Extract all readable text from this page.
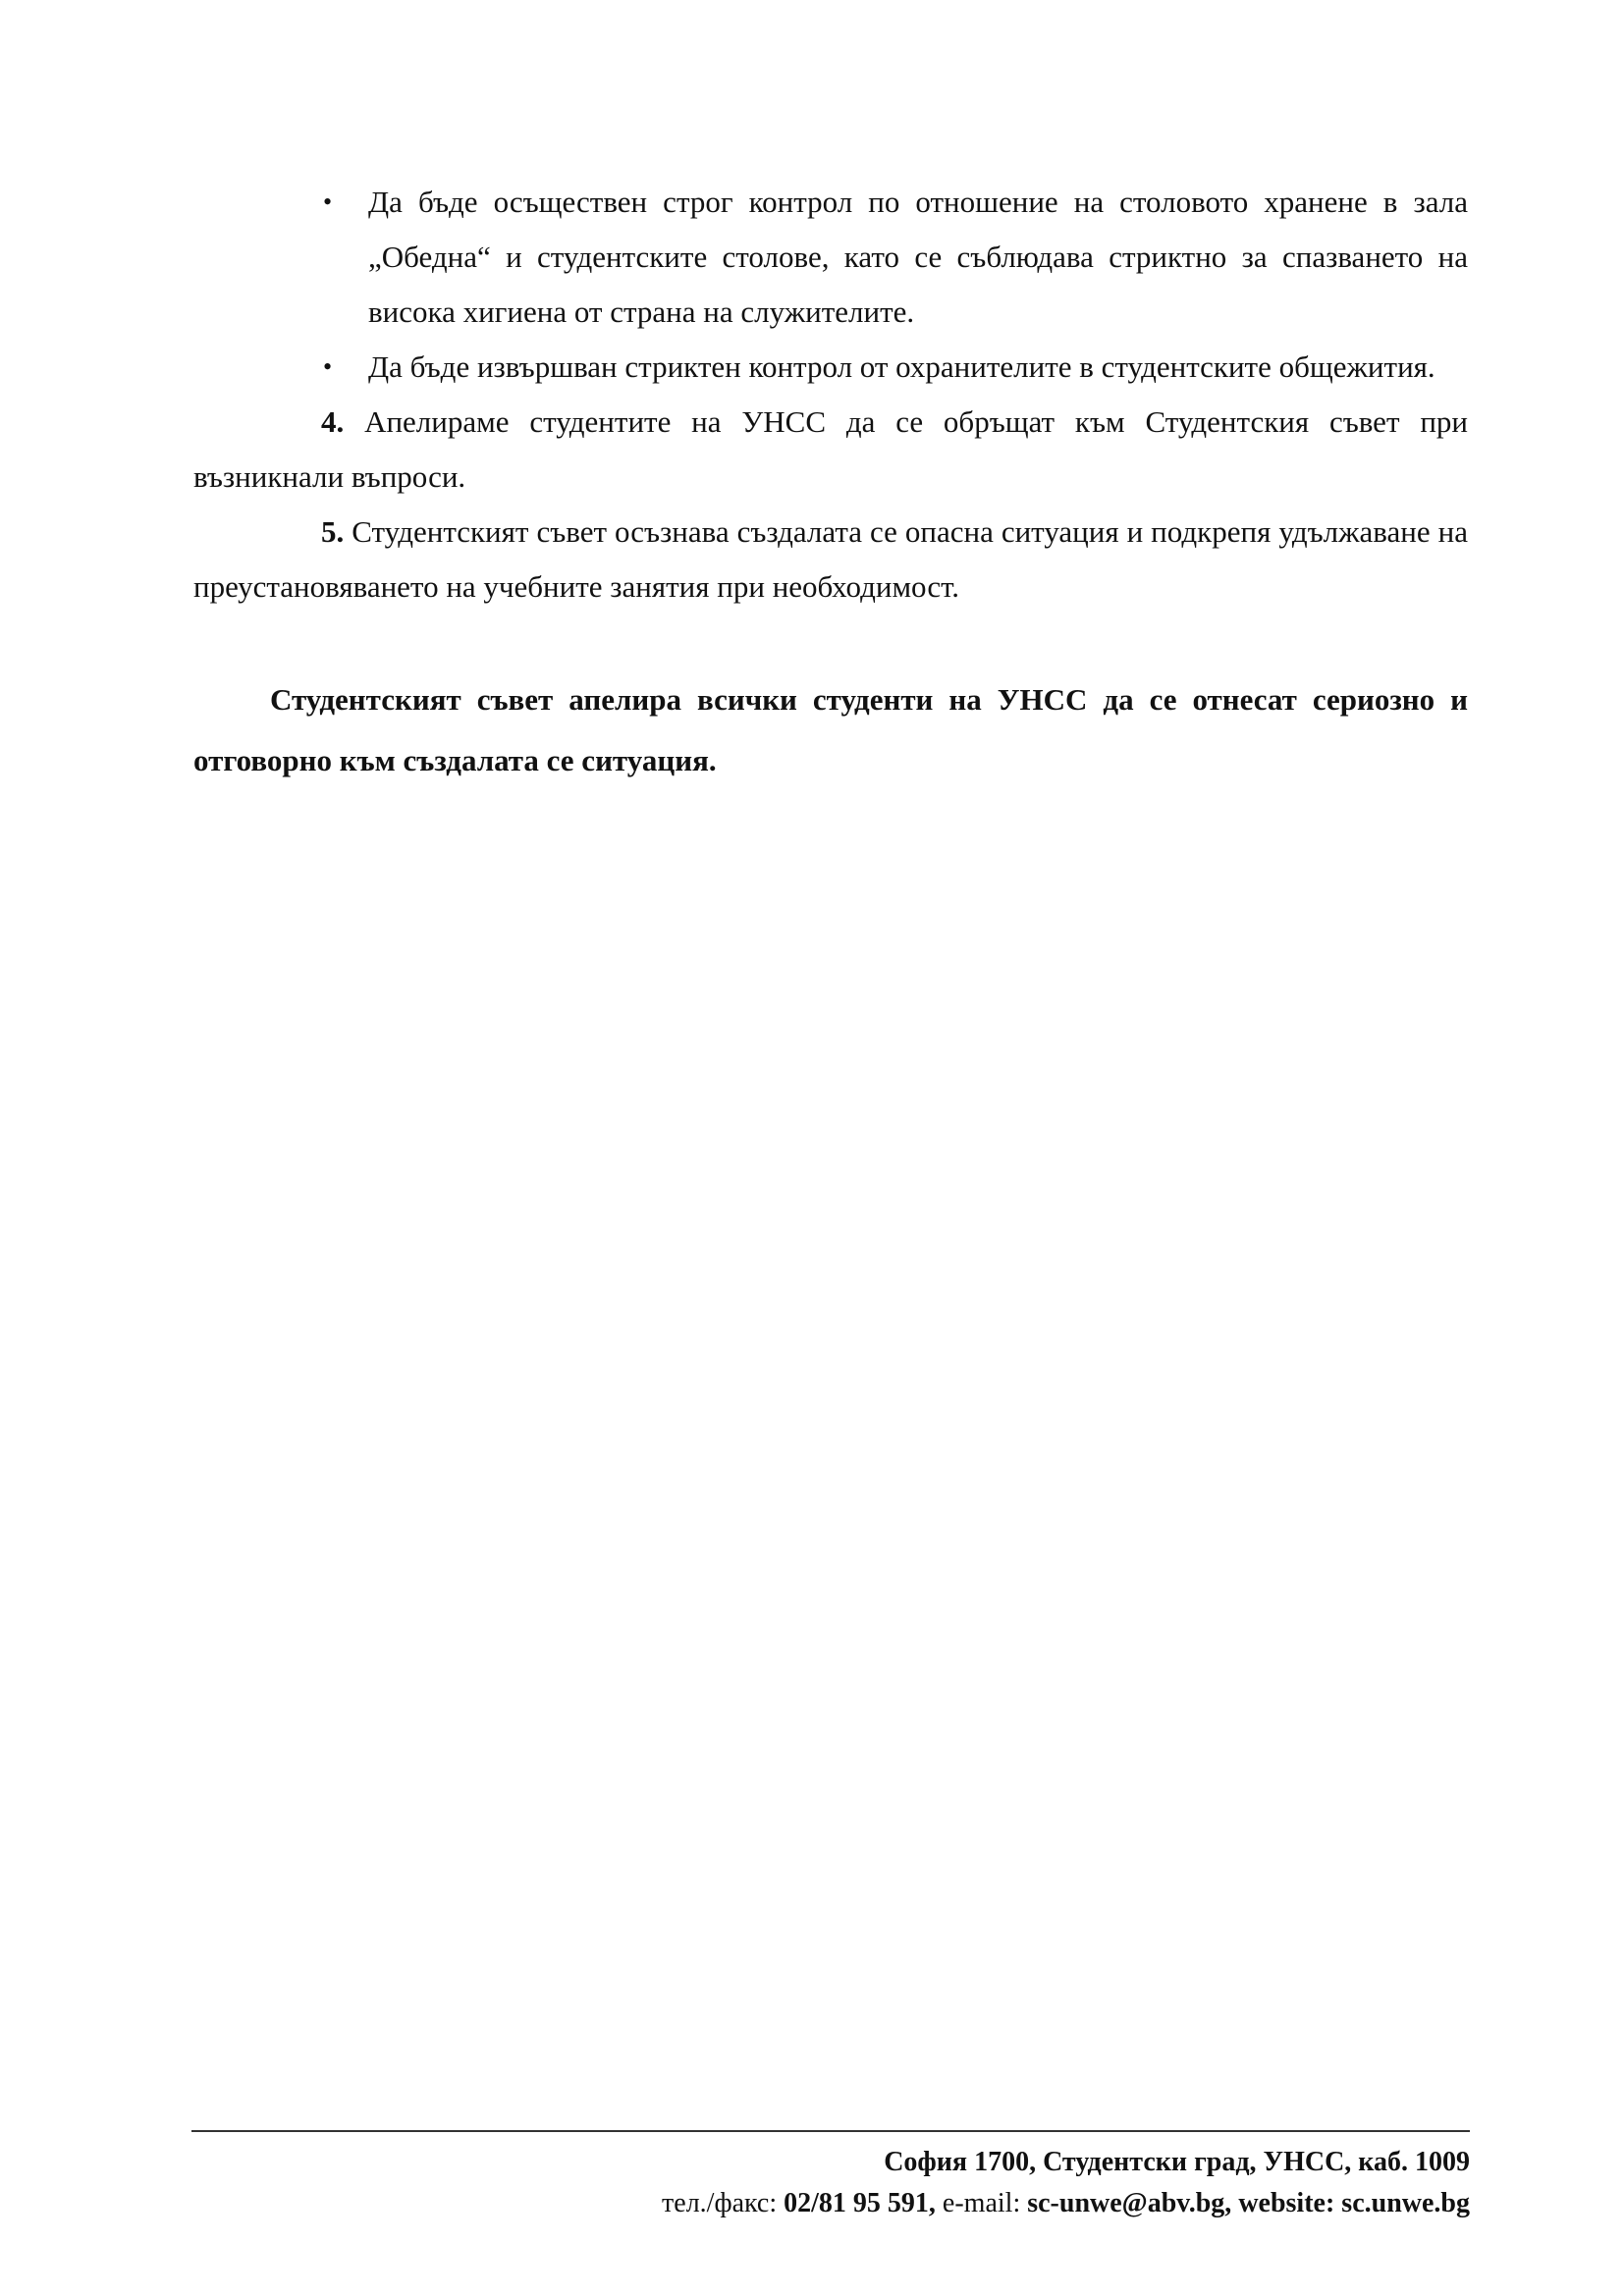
• Да бъде осъществен строг контрол по отношение на столовото хранене в зала „Обедна“ и студентските столове, като се съблюдава стриктно за спазването на висока хигиена от страна на служителите.
• Да бъде извършван стриктен контрол от охранителите в студентските общежития.

4. Апелираме студентите на УНСС да се обръщат към Студентския съвет при възникнали въпроси.

5. Студентският съвет осъзнава създалата се опасна ситуация и подкрепя удължаване на преустановяването на учебните занятия при необходимост.

Студентският съвет апелира всички студенти на УНСС да се отнесат сериозно и отговорно към създалата се ситуация.

София 1700, Студентски град, УНСС, каб. 1009
тел./факс: 02/81 95 591, e-mail: sc-unwe@abv.bg, website: sc.unwe.bg
